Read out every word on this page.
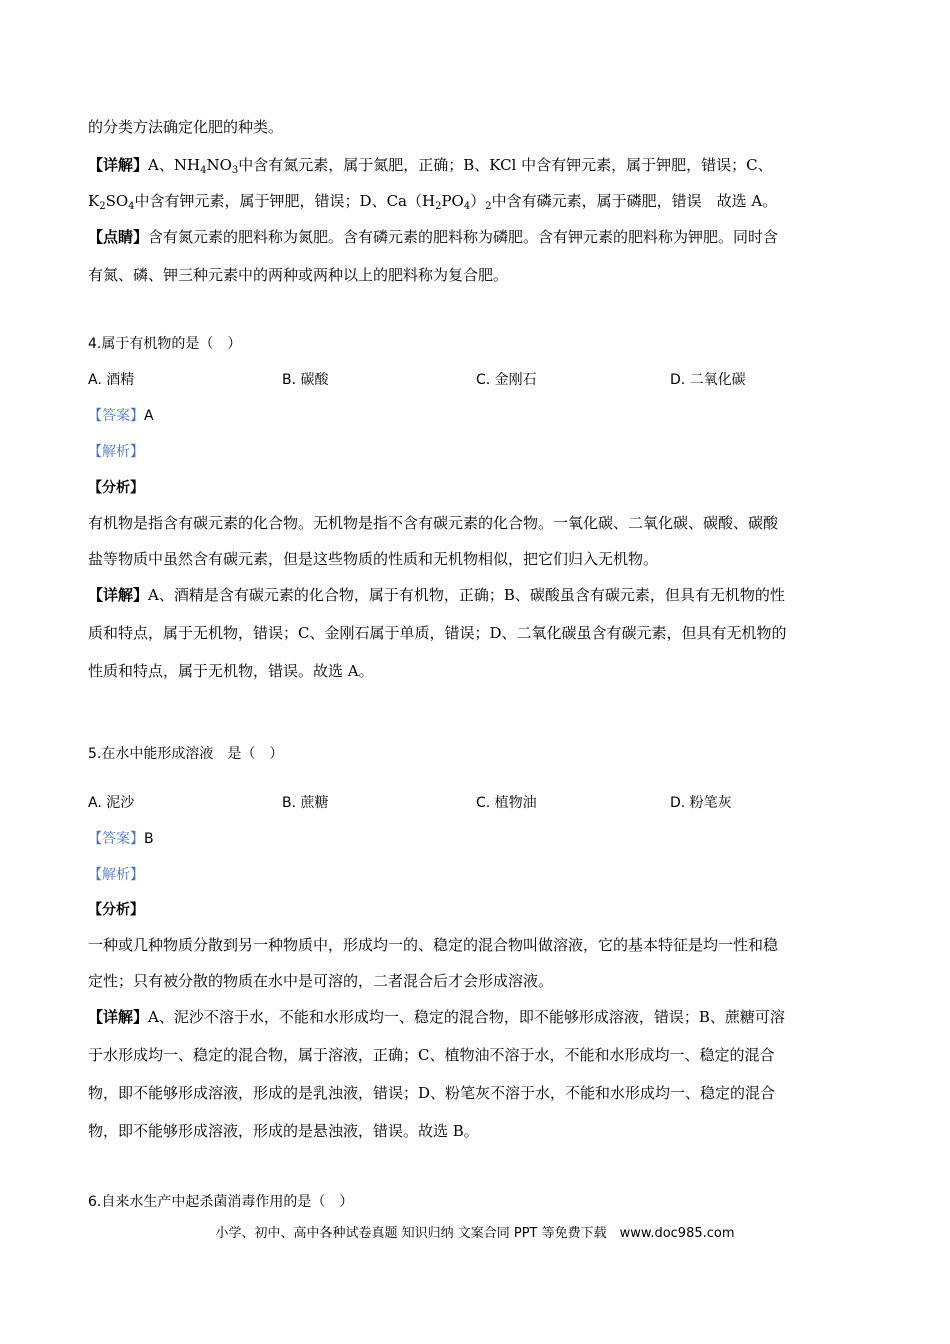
的分类方法确定化肥的种类。
【详解】A、$NH_4NO_3$中含有氮元素，属于氮肥，正确；B、KCl 中含有钾元素，属于钾肥，错误；C、
$K_2SO_4$中含有钾元素，属于钾肥，错误；D、$Ca(H_2PO_4)_2$中含有磷元素，属于磷肥，错误　故选 A。
【点睛】含有氮元素的肥料称为氮肥。含有磷元素的肥料称为磷肥。含有钾元素的肥料称为钾肥。同时含
有氮、磷、钾三种元素中的两种或两种以上的肥料称为复合肥。
4.属于有机物的是（　）
A. 酒精	B. 碳酸	C. 金刚石	D. 二氧化碳
【答案】A
【解析】
【分析】
有机物是指含有碳元素的化合物。无机物是指不含有碳元素的化合物。一氧化碳、二氧化碳、碳酸、碳酸
盐等物质中虽然含有碳元素，但是这些物质的性质和无机物相似，把它们归入无机物。
【详解】A、酒精是含有碳元素的化合物，属于有机物，正确；B、碳酸虽含有碳元素，但具有无机物的性
质和特点，属于无机物，错误；C、金刚石属于单质，错误；D、二氧化碳虽含有碳元素，但具有无机物的
性质和特点，属于无机物，错误。故选 A。
5.在水中能形成溶液　是（　）
A. 泥沙	B. 蔗糖	C. 植物油	D. 粉笔灰
【答案】B
【解析】
【分析】
一种或几种物质分散到另一种物质中，形成均一的、稳定的混合物叫做溶液，它的基本特征是均一性和稳
定性；只有被分散的物质在水中是可溶的，二者混合后才会形成溶液。
【详解】A、泥沙不溶于水，不能和水形成均一、稳定的混合物，即不能够形成溶液，错误；B、蔗糖可溶
于水形成均一、稳定的混合物，属于溶液，正确；C、植物油不溶于水，不能和水形成均一、稳定的混合
物，即不能够形成溶液，形成的是乳浊液，错误；D、粉笔灰不溶于水，不能和水形成均一、稳定的混合
物，即不能够形成溶液，形成的是悬浊液，错误。故选 B。
6.自来水生产中起杀菌消毒作用的是（　）
小学、初中、高中各种试卷真题 知识归纳 文案合同 PPT 等免费下载　www.doc985.com
